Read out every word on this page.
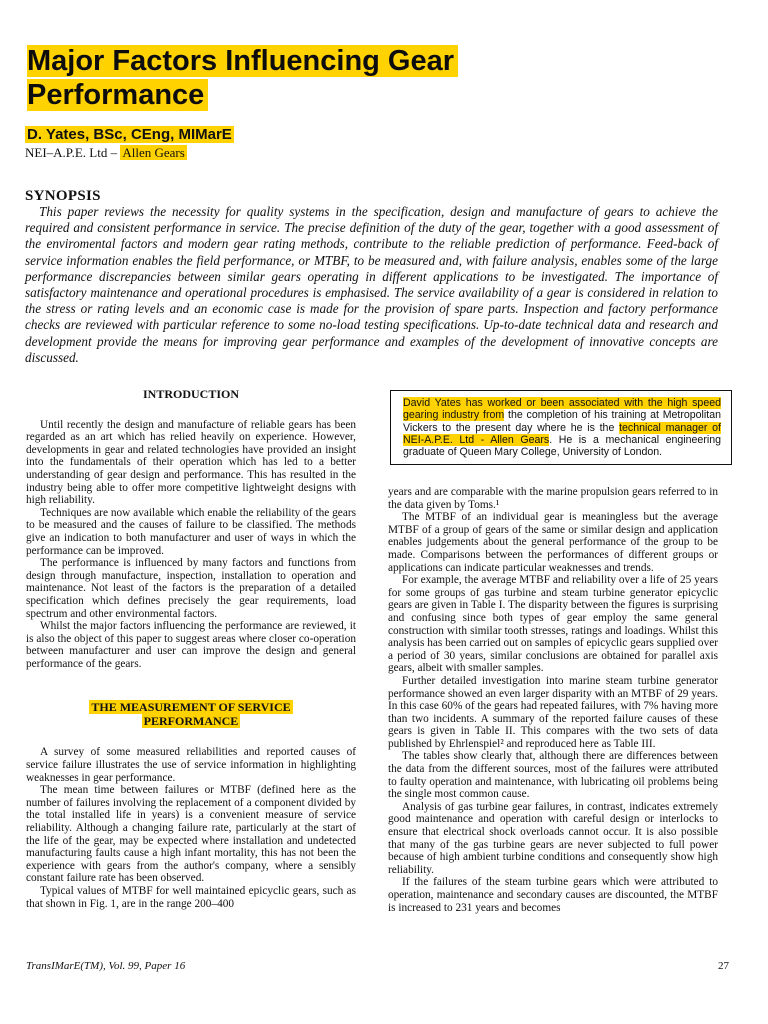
Major Factors Influencing Gear
Performance

D. Yates, BSc, CEng, MIMarE

NEI–A.P.E. Ltd – Allen Gears

SYNOPSIS

This paper reviews the necessity for quality systems in the specification, design and manufacture of gears to achieve the required and consistent performance in service. The precise definition of the duty of the gear, together with a good assessment of the enviromental factors and modern gear rating methods, contribute to the reliable prediction of performance. Feed-back of service information enables the field performance, or MTBF, to be measured and, with failure analysis, enables some of the large performance discrepancies between similar gears operating in different applications to be investigated. The importance of satisfactory maintenance and operational procedures is emphasised. The service availability of a gear is considered in relation to the stress or rating levels and an economic case is made for the provision of spare parts. Inspection and factory performance checks are reviewed with particular reference to some no-load testing specifications. Up-to-date technical data and research and development provide the means for improving gear performance and examples of the development of innovative concepts are discussed.

INTRODUCTION

Until recently the design and manufacture of reliable gears has been regarded as an art which has relied heavily on experience. However, developments in gear and related technologies have provided an insight into the fundamentals of their operation which has led to a better understanding of gear design and performance. This has resulted in the industry being able to offer more competitive lightweight designs with high reliability.

Techniques are now available which enable the reliability of the gears to be measured and the causes of failure to be classified. The methods give an indication to both manufacturer and user of ways in which the performance can be improved.

The performance is influenced by many factors and functions from design through manufacture, inspection, installation to operation and maintenance. Not least of the factors is the preparation of a detailed specification which defines precisely the gear requirements, load spectrum and other environmental factors.

Whilst the major factors influencing the performance are reviewed, it is also the object of this paper to suggest areas where closer co-operation between manufacturer and user can improve the design and general performance of the gears.

THE MEASUREMENT OF SERVICE
PERFORMANCE

A survey of some measured reliabilities and reported causes of service failure illustrates the use of service information in highlighting weaknesses in gear performance.

The mean time between failures or MTBF (defined here as the number of failures involving the replacement of a component divided by the total installed life in years) is a convenient measure of service reliability. Although a changing failure rate, particularly at the start of the life of the gear, may be expected where installation and undetected manufacturing faults cause a high infant mortality, this has not been the experience with gears from the author's company, where a sensibly constant failure rate has been observed.

Typical values of MTBF for well maintained epicyclic gears, such as that shown in Fig. 1, are in the range 200–400

David Yates has worked or been associated with the high speed gearing industry from the completion of his training at Metropolitan Vickers to the present day where he is the technical manager of NEI-A.P.E. Ltd - Allen Gears. He is a mechanical engineering graduate of Queen Mary College, University of London.

years and are comparable with the marine propulsion gears referred to in the data given by Toms.¹

The MTBF of an individual gear is meaningless but the average MTBF of a group of gears of the same or similar design and application enables judgements about the general performance of the group to be made. Comparisons between the performances of different groups or applications can indicate particular weaknesses and trends.

For example, the average MTBF and reliability over a life of 25 years for some groups of gas turbine and steam turbine generator epicyclic gears are given in Table I. The disparity between the figures is surprising and confusing since both types of gear employ the same general construction with similar tooth stresses, ratings and loadings. Whilst this analysis has been carried out on samples of epicyclic gears supplied over a period of 30 years, similar conclusions are obtained for parallel axis gears, albeit with smaller samples.

Further detailed investigation into marine steam turbine generator performance showed an even larger disparity with an MTBF of 29 years. In this case 60% of the gears had repeated failures, with 7% having more than two incidents. A summary of the reported failure causes of these gears is given in Table II. This compares with the two sets of data published by Ehrlenspiel² and reproduced here as Table III.

The tables show clearly that, although there are differences between the data from the different sources, most of the failures were attributed to faulty operation and maintenance, with lubricating oil problems being the single most common cause.

Analysis of gas turbine gear failures, in contrast, indicates extremely good maintenance and operation with careful design or interlocks to ensure that electrical shock overloads cannot occur. It is also possible that many of the gas turbine gears are never subjected to full power because of high ambient turbine conditions and consequently show high reliability.

If the failures of the steam turbine gears which were attributed to operation, maintenance and secondary causes are discounted, the MTBF is increased to 231 years and becomes

TransIMarE(TM), Vol. 99, Paper 16	27
